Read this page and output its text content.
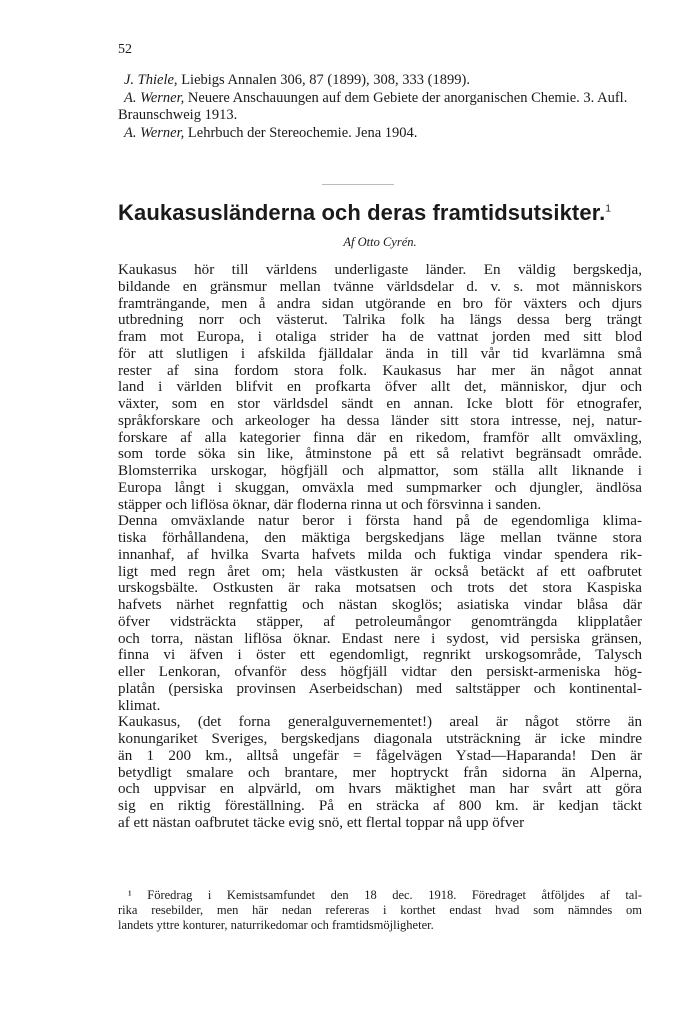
52
J. Thiele, Liebigs Annalen 306, 87 (1899), 308, 333 (1899).
A. Werner, Neuere Anschauungen auf dem Gebiete der anorganischen Chemie. 3. Aufl. Braunschweig 1913.
A. Werner, Lehrbuch der Stereochemie. Jena 1904.
Kaukasusländerna och deras framtidsutsikter.$^1$
Af Otto Cyrén.
Kaukasus hör till världens underligaste länder. En väldig bergskedja,
bildande en gränsmur mellan tvänne världsdelar d. v. s. mot människors
framträngande, men å andra sidan utgörande en bro för växters och djurs
utbredning norr och västerut. Talrika folk ha längs dessa berg trängt
fram mot Europa, i otaliga strider ha de vattnat jorden med sitt blod
för att slutligen i afskilda fjälldalar ända in till vår tid kvarlämna små
rester af sina fordom stora folk. Kaukasus har mer än något annat
land i världen blifvit en profkarta öfver allt det, människor, djur och
växter, som en stor världsdel sändt en annan. Icke blott för etnografer,
språkforskare och arkeologer ha dessa länder sitt stora intresse, nej, natur-
forskare af alla kategorier finna där en rikedom, framför allt omväxling,
som torde söka sin like, åtminstone på ett så relativt begränsadt område.
Blomsterrika urskogar, högfjäll och alpmattor, som ställa allt liknande i
Europa långt i skuggan, omväxla med sumpmarker och djungler, ändlösa
stäpper och liflösa öknar, där floderna rinna ut och försvinna i sanden.
Denna omväxlande natur beror i första hand på de egendomliga klima-
tiska förhållandena, den mäktiga bergskedjans läge mellan tvänne stora
innanhaf, af hvilka Svarta hafvets milda och fuktiga vindar spendera rik-
ligt med regn året om; hela västkusten är också betäckt af ett oafbrutet
urskogsbälte. Ostkusten är raka motsatsen och trots det stora Kaspiska
hafvets närhet regnfattig och nästan skoglös; asiatiska vindar blåsa där
öfver vidsträckta stäpper, af petroleumångor genomträngda klipplatåer
och torra, nästan liflösa öknar. Endast nere i sydost, vid persiska gränsen,
finna vi äfven i öster ett egendomligt, regnrikt urskogsområde, Talysch
eller Lenkoran, ofvanför dess högfjäll vidtar den persiskt-armeniska hög-
platån (persiska provinsen Aserbeidschan) med saltstäpper och kontinental-
klimat.
Kaukasus, (det forna generalguvernementet!) areal är något större än
konungariket Sveriges, bergskedjans diagonala utsträckning är icke mindre
än 1 200 km., alltså ungefär = fågelvägen Ystad—Haparanda! Den är
betydligt smalare och brantare, mer hoptryckt från sidorna än Alperna,
och uppvisar en alpvärld, om hvars mäktighet man har svårt att göra
sig en riktig föreställning. På en sträcka af 800 km. är kedjan täckt
af ett nästan oafbrutet täcke evig snö, ett flertal toppar nå upp öfver
¹ Föredrag i Kemistsamfundet den 18 dec. 1918. Föredraget åtföljdes af tal-
rika resebilder, men här nedan refereras i korthet endast hvad som nämndes om
landets yttre konturer, naturrikedomar och framtidsmöjligheter.
